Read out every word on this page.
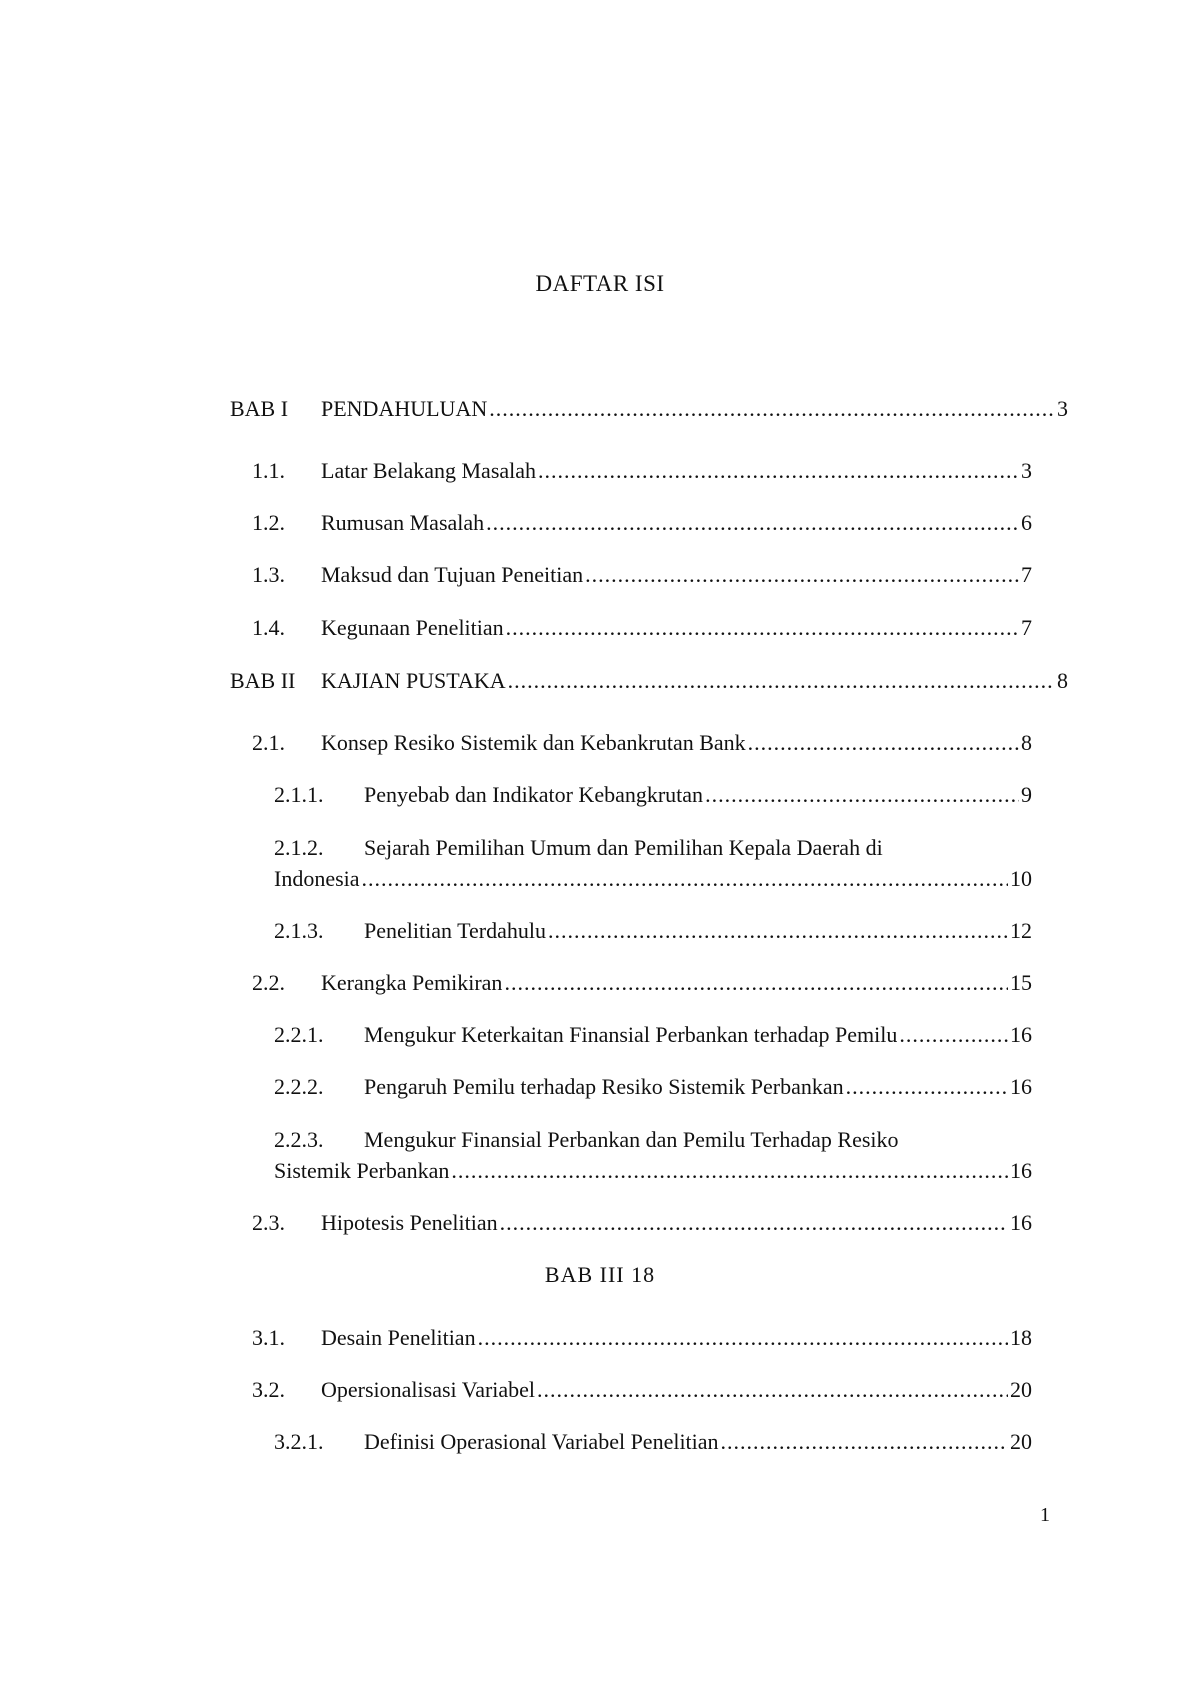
DAFTAR ISI
BAB I	PENDAHULUAN .....	3
1.1.	Latar Belakang Masalah .....	3
1.2.	Rumusan Masalah .....	6
1.3.	Maksud dan Tujuan Peneitian .....	7
1.4.	Kegunaan Penelitian .....	7
BAB II	KAJIAN PUSTAKA .....	8
2.1.	Konsep Resiko Sistemik dan Kebankrutan Bank .....	8
2.1.1.	Penyebab dan Indikator Kebangkrutan .....	9
2.1.2.	Sejarah Pemilihan Umum dan Pemilihan Kepala Daerah di
Indonesia .....	10
2.1.3.	Penelitian Terdahulu .....	12
2.2.	Kerangka Pemikiran .....	15
2.2.1.	Mengukur Keterkaitan Finansial Perbankan terhadap Pemilu .....	16
2.2.2.	Pengaruh Pemilu terhadap Resiko Sistemik Perbankan .....	16
2.2.3.	Mengukur Finansial Perbankan dan Pemilu Terhadap Resiko
Sistemik Perbankan .....	16
2.3.	Hipotesis Penelitian .....	16
BAB III 18
3.1.	Desain Penelitian .....	18
3.2.	Opersionalisasi Variabel .....	20
3.2.1.	Definisi Operasional Variabel Penelitian .....	20
1
